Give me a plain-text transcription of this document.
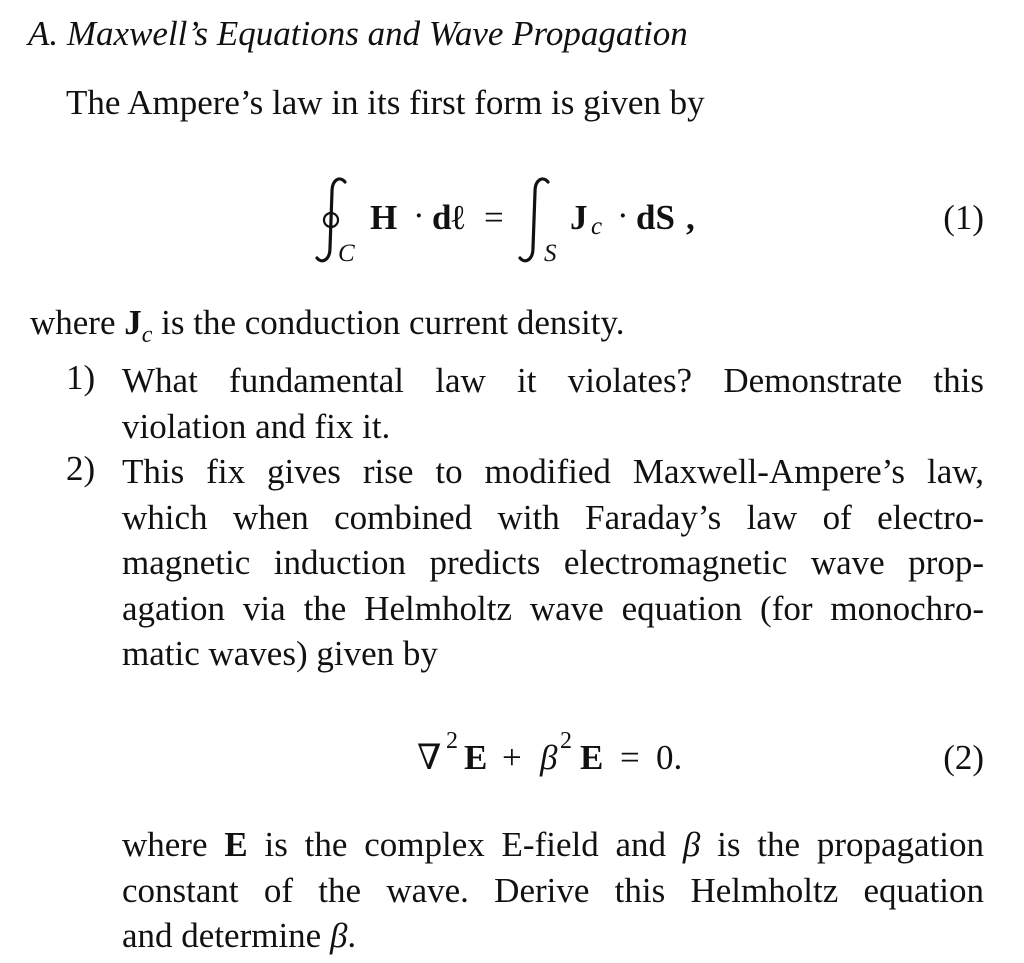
A. Maxwell’s Equations and Wave Propagation
The Ampere’s law in its first form is given by
C
H · dℓ =
S
J c · dS ,	(1)
where $J_c$ is the conduction current density.
1) What fundamental law it violates? Demonstrate this
violation and fix it.
2) This fix gives rise to modified Maxwell-Ampere’s law,
which when combined with Faraday’s law of electro-
magnetic induction predicts electromagnetic wave prop-
agation via the Helmholtz wave equation (for monochro-
matic waves) given by
∇ 2 E + β 2 E = 0.	(2)
where E is the complex E-field and β is the propagation
constant of the wave. Derive this Helmholtz equation
and determine β.
